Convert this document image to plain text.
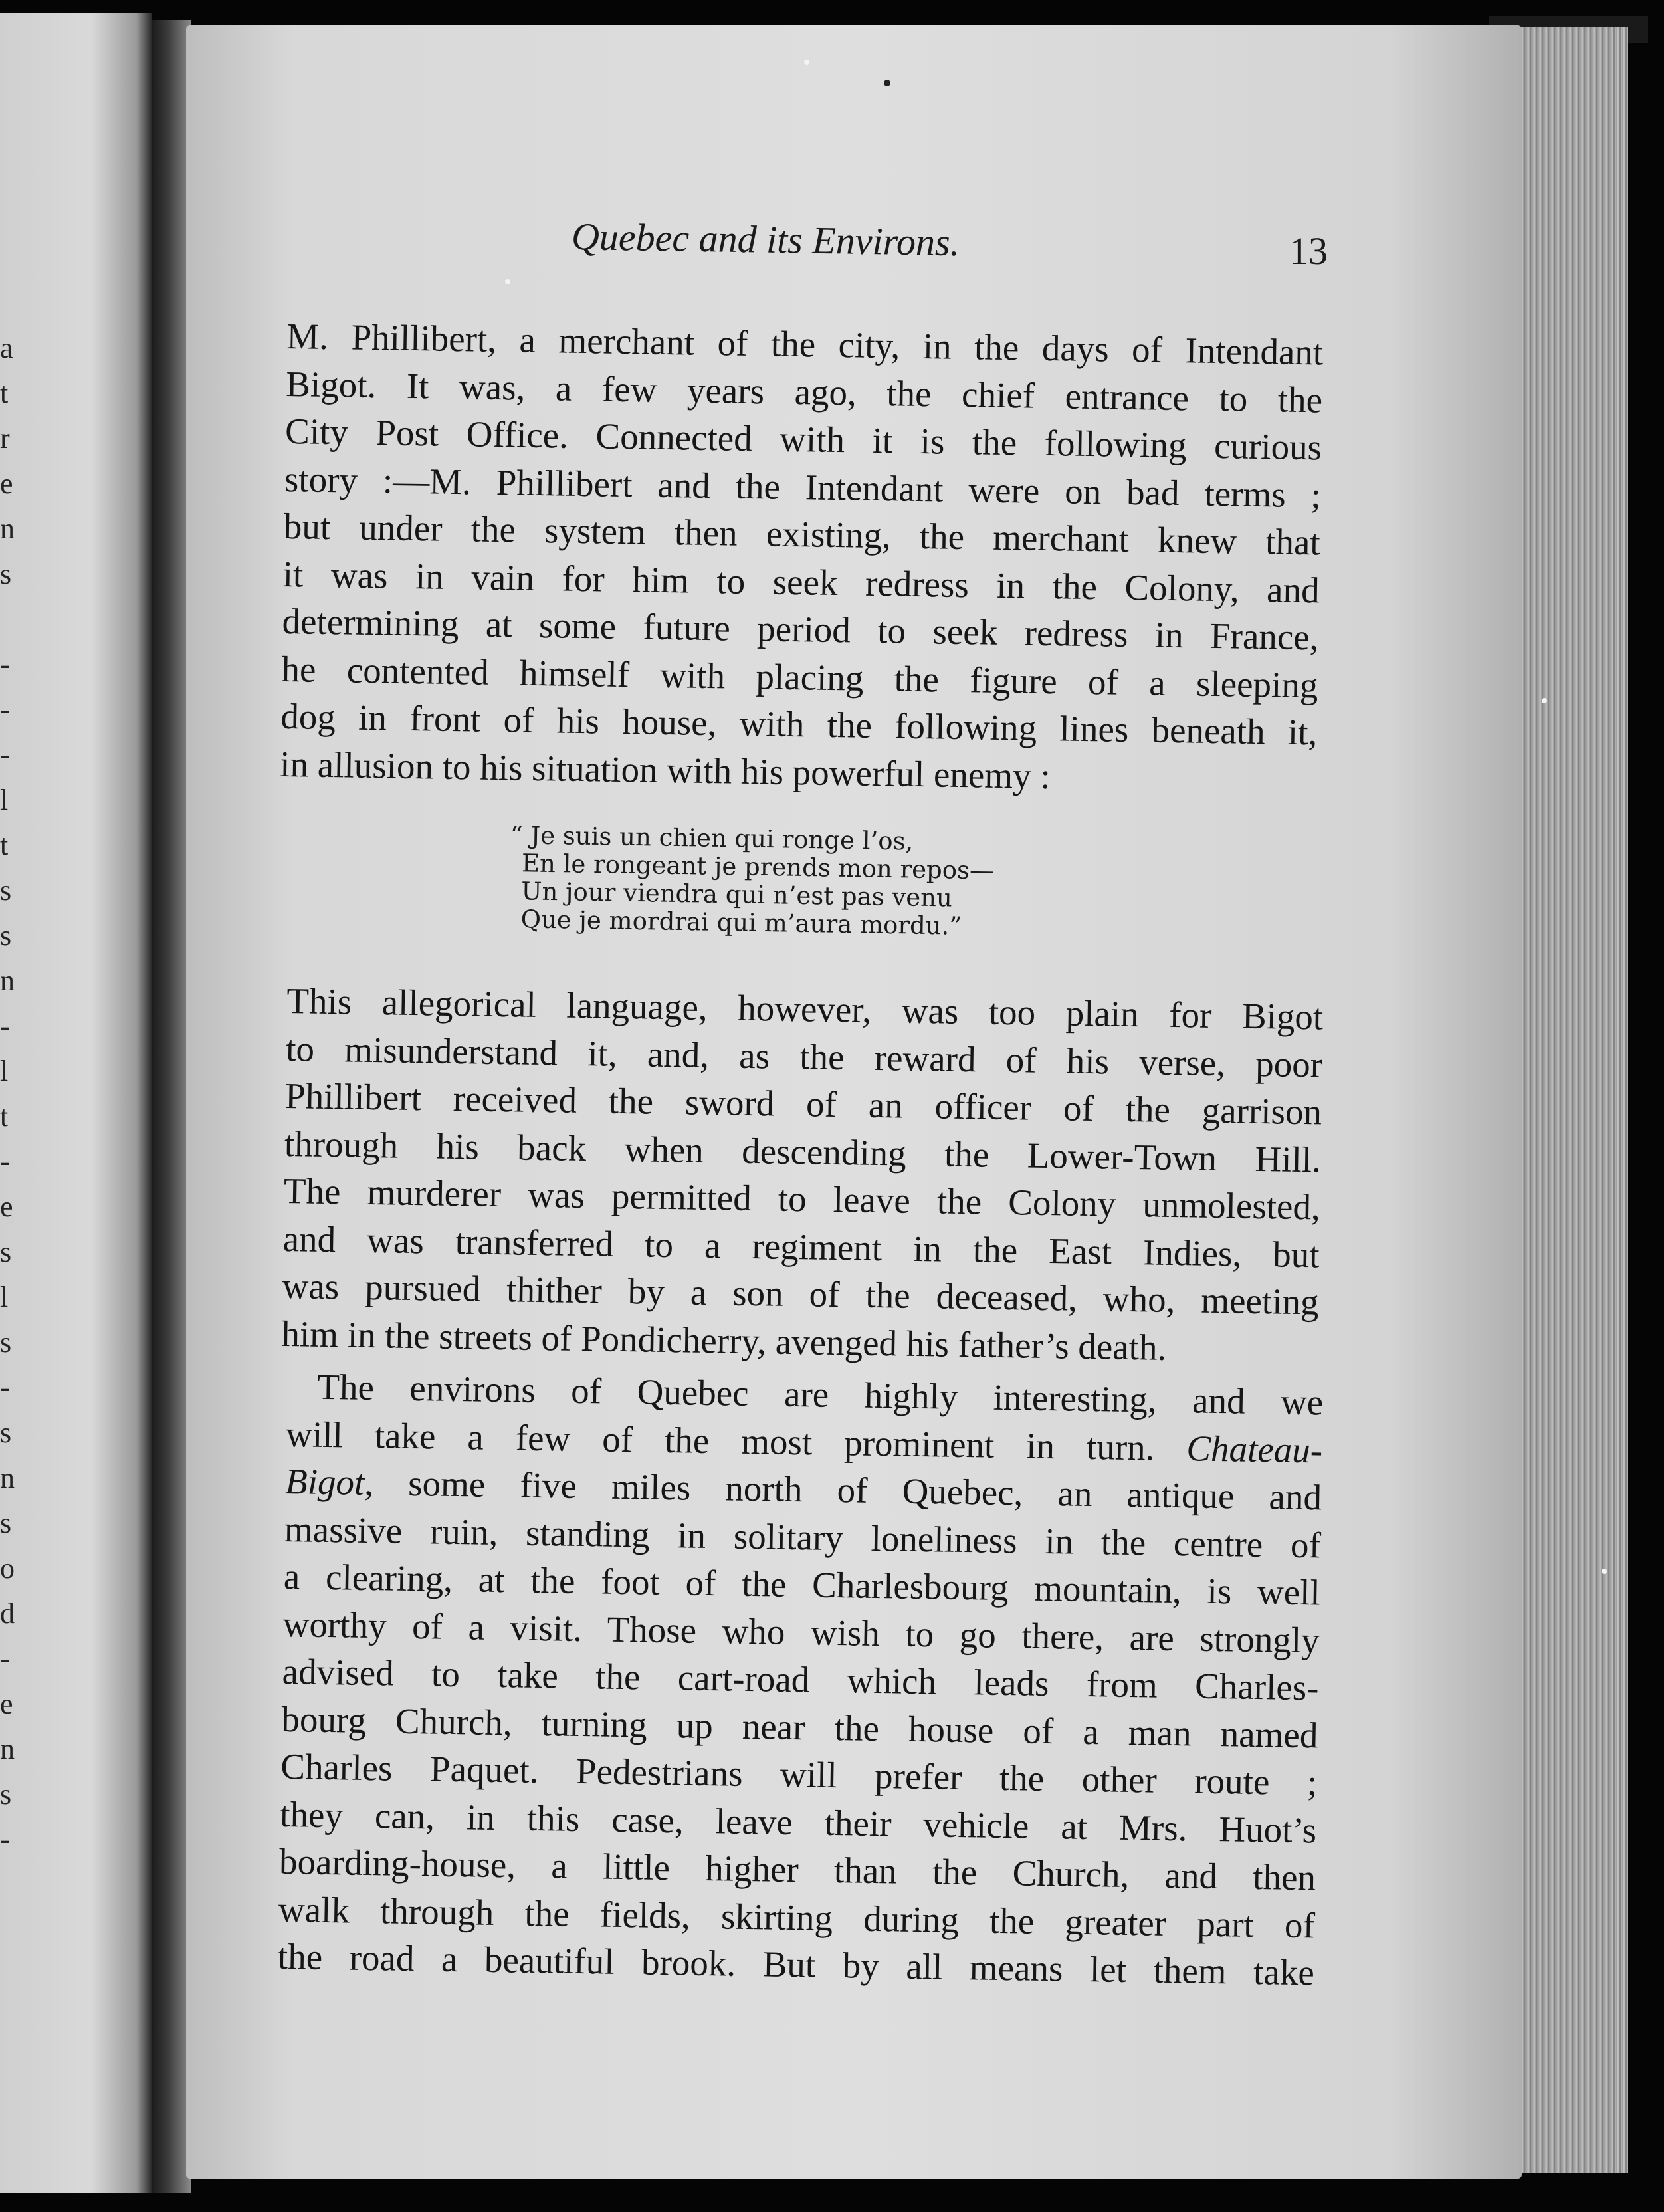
a
t
r
e
n
s

-
-
-
l
t
s
s
n
-
l
t
-
e
s
l
s
-
s
n
s
o
d
-
e
n
s
-
Quebec and its Environs.	13
M. Phillibert, a merchant of the city, in the days of Intendant
Bigot. It was, a few years ago, the chief entrance to the
City Post Office. Connected with it is the following curious
story :—M. Phillibert and the Intendant were on bad terms ;
but under the system then existing, the merchant knew that
it was in vain for him to seek redress in the Colony, and
determining at some future period to seek redress in France,
he contented himself with placing the figure of a sleeping
dog in front of his house, with the following lines beneath it,
in allusion to his situation with his powerful enemy :
“ Je suis un chien qui ronge l’os,
En le rongeant je prends mon repos—
Un jour viendra qui n’est pas venu
Que je mordrai qui m’aura mordu.”
This allegorical language, however, was too plain for Bigot
to misunderstand it, and, as the reward of his verse, poor
Phillibert received the sword of an officer of the garrison
through his back when descending the Lower-Town Hill.
The murderer was permitted to leave the Colony unmolested,
and was transferred to a regiment in the East Indies, but
was pursued thither by a son of the deceased, who, meeting
him in the streets of Pondicherry, avenged his father’s death.
The environs of Quebec are highly interesting, and we
will take a few of the most prominent in turn. Chateau-
Bigot, some five miles north of Quebec, an antique and
massive ruin, standing in solitary loneliness in the centre of
a clearing, at the foot of the Charlesbourg mountain, is well
worthy of a visit. Those who wish to go there, are strongly
advised to take the cart-road which leads from Charles-
bourg Church, turning up near the house of a man named
Charles Paquet. Pedestrians will prefer the other route ;
they can, in this case, leave their vehicle at Mrs. Huot’s
boarding-house, a little higher than the Church, and then
walk through the fields, skirting during the greater part of
the road a beautiful brook. But by all means let them take
